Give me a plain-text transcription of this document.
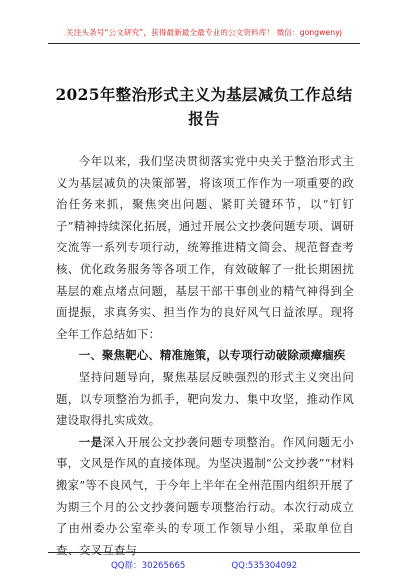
关注头条号“公文研究”，获得最新最全最专业的公文资料库！ 微信：gongwenyj
2025年整治形式主义为基层减负工作总结报告

今年以来，我们坚决贯彻落实党中央关于整治形式主义为基层减负的决策部署，将该项工作作为一项重要的政治任务来抓，聚焦突出问题、紧盯关键环节，以“钉钉子”精神持续深化拓展，通过开展公文抄袭问题专项、调研交流等一系列专项行动，统筹推进精文简会、规范督查考核、优化政务服务等各项工作，有效破解了一批长期困扰基层的难点堵点问题，基层干部干事创业的精气神得到全面提振，求真务实、担当作为的良好风气日益浓厚。现将全年工作总结如下：

一、聚焦靶心、精准施策，以专项行动破除顽瘴痼疾

坚持问题导向，聚焦基层反映强烈的形式主义突出问题，以专项整治为抓手，靶向发力、集中攻坚，推动作风建设取得扎实成效。

一是深入开展公文抄袭问题专项整治。作风问题无小事，文风是作风的直接体现。为坚决遏制“公文抄袭”“材料搬家”等不良风气，于今年上半年在全州范围内组织开展了为期三个月的公文抄袭问题专项整治行动。本次行动成立了由州委办公室牵头的专项工作领导小组，采取单位自查、交叉互查与

QQ群：30265665	QQ:535304092
